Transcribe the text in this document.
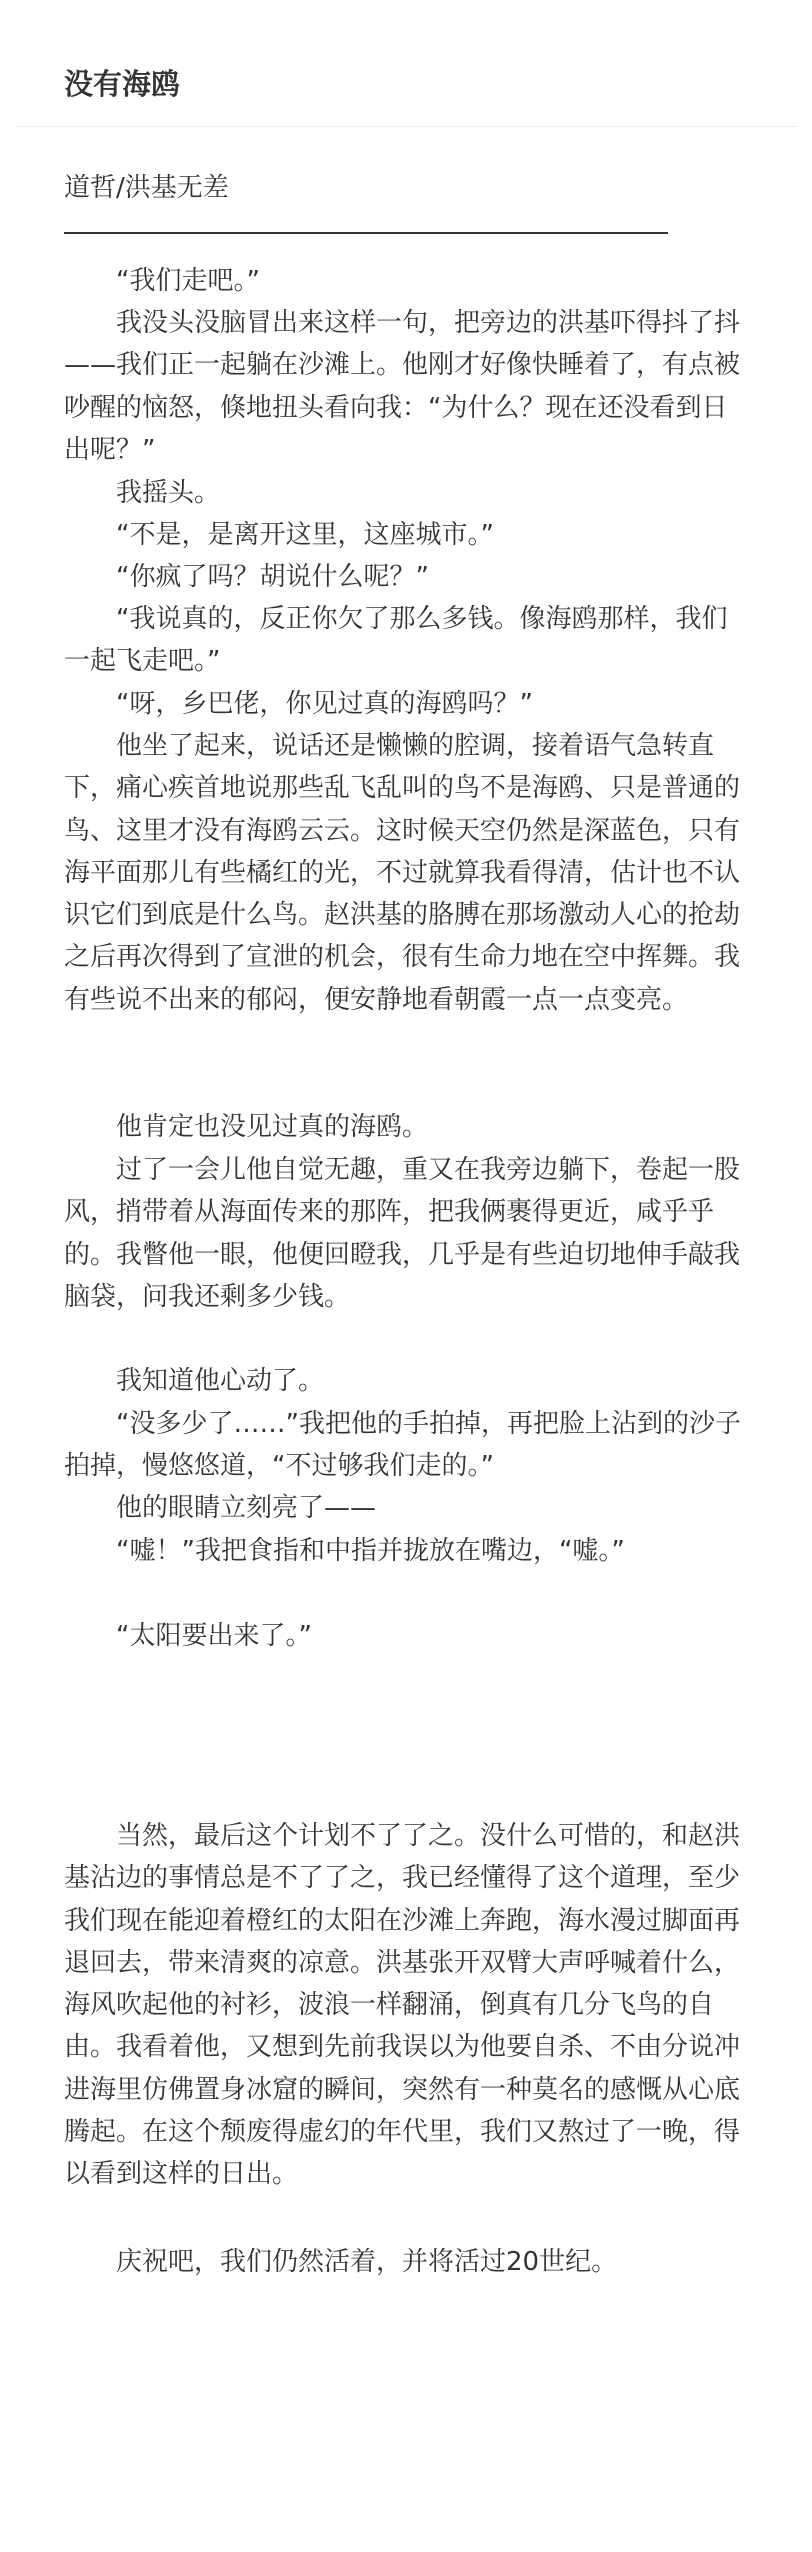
没有海鸥
道哲/洪基无差

“我们走吧。”

我没头没脑冒出来这样一句，把旁边的洪基吓得抖了抖——我们正一起躺在沙滩上。他刚才好像快睡着了，有点被吵醒的恼怒，倏地扭头看向我：“为什么？现在还没看到日出呢？”

我摇头。

“不是，是离开这里，这座城市。”

“你疯了吗？胡说什么呢？”

“我说真的，反正你欠了那么多钱。像海鸥那样，我们一起飞走吧。”

“呀，乡巴佬，你见过真的海鸥吗？”

他坐了起来，说话还是懒懒的腔调，接着语气急转直下，痛心疾首地说那些乱飞乱叫的鸟不是海鸥、只是普通的鸟、这里才没有海鸥云云。这时候天空仍然是深蓝色，只有海平面那儿有些橘红的光，不过就算我看得清，估计也不认识它们到底是什么鸟。赵洪基的胳膊在那场激动人心的抢劫之后再次得到了宣泄的机会，很有生命力地在空中挥舞。我有些说不出来的郁闷，便安静地看朝霞一点一点变亮。

他肯定也没见过真的海鸥。

过了一会儿他自觉无趣，重又在我旁边躺下，卷起一股风，捎带着从海面传来的那阵，把我俩裹得更近，咸乎乎的。我瞥他一眼，他便回瞪我，几乎是有些迫切地伸手敲我脑袋，问我还剩多少钱。

我知道他心动了。

“没多少了……”我把他的手拍掉，再把脸上沾到的沙子拍掉，慢悠悠道，“不过够我们走的。”

他的眼睛立刻亮了——

“嘘！”我把食指和中指并拢放在嘴边，“嘘。”

“太阳要出来了。”

当然，最后这个计划不了了之。没什么可惜的，和赵洪基沾边的事情总是不了了之，我已经懂得了这个道理，至少我们现在能迎着橙红的太阳在沙滩上奔跑，海水漫过脚面再退回去，带来清爽的凉意。洪基张开双臂大声呼喊着什么，海风吹起他的衬衫，波浪一样翻涌，倒真有几分飞鸟的自由。我看着他，又想到先前我误以为他要自杀、不由分说冲进海里仿佛置身冰窟的瞬间，突然有一种莫名的感慨从心底腾起。在这个颓废得虚幻的年代里，我们又熬过了一晚，得以看到这样的日出。

庆祝吧，我们仍然活着，并将活过20世纪。
